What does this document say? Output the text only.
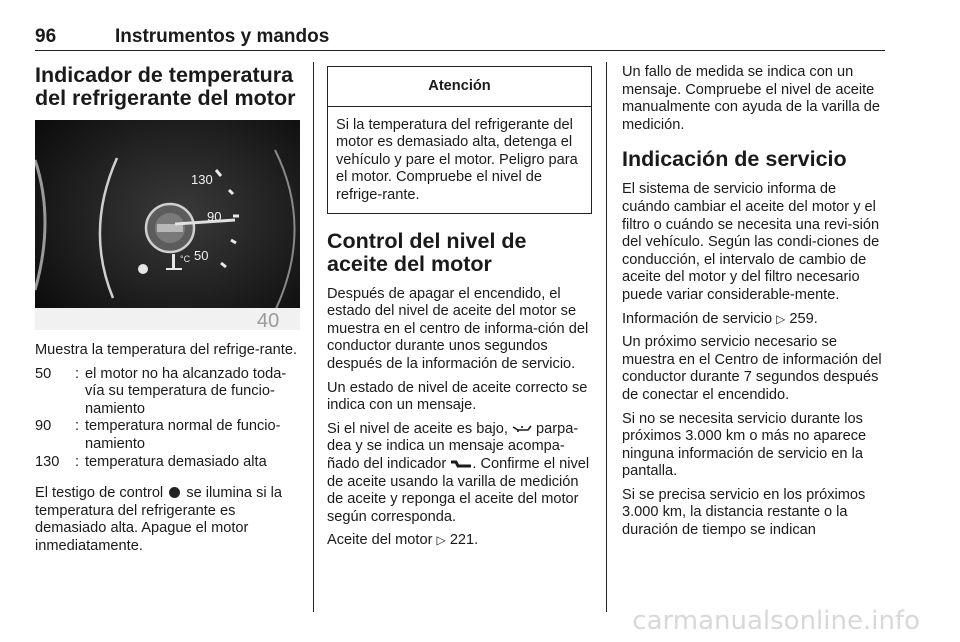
96	Instrumentos y mandos
Indicador de temperatura del refrigerante del motor
130
90
50
°C
40

Muestra la temperatura del refrige-rante.

50	: el motor no ha alcanzado toda-vía su temperatura de funcio-namiento
90	: temperatura normal de funcio-namiento
130	: temperatura demasiado alta

El testigo de control se ilumina si la temperatura del refrigerante es demasiado alta. Apague el motor inmediatamente.

Atención
Si la temperatura del refrigerante del motor es demasiado alta, detenga el vehículo y pare el motor. Peligro para el motor. Compruebe el nivel de refrige-rante.
Control del nivel de aceite del motor

Después de apagar el encendido, el estado del nivel de aceite del motor se muestra en el centro de informa-ción del conductor durante unos segundos después de la información de servicio.

Un estado de nivel de aceite correcto se indica con un mensaje.

Si el nivel de aceite es bajo, parpa-dea y se indica un mensaje acompa-ñado del indicador . Confirme el nivel de aceite usando la varilla de medición de aceite y reponga el aceite del motor según corresponda.

Aceite del motor ▷ 221.

Un fallo de medida se indica con un mensaje. Compruebe el nivel de aceite manualmente con ayuda de la varilla de medición.

Indicación de servicio

El sistema de servicio informa de cuándo cambiar el aceite del motor y el filtro o cuándo se necesita una revi-sión del vehículo. Según las condi-ciones de conducción, el intervalo de cambio de aceite del motor y del filtro necesario puede variar considerable-mente.

Información de servicio ▷ 259.

Un próximo servicio necesario se muestra en el Centro de información del conductor durante 7 segundos después de conectar el encendido.

Si no se necesita servicio durante los próximos 3.000 km o más no aparece ninguna información de servicio en la pantalla.

Si se precisa servicio en los próximos 3.000 km, la distancia restante o la duración de tiempo se indican

carmanualsonline.info
